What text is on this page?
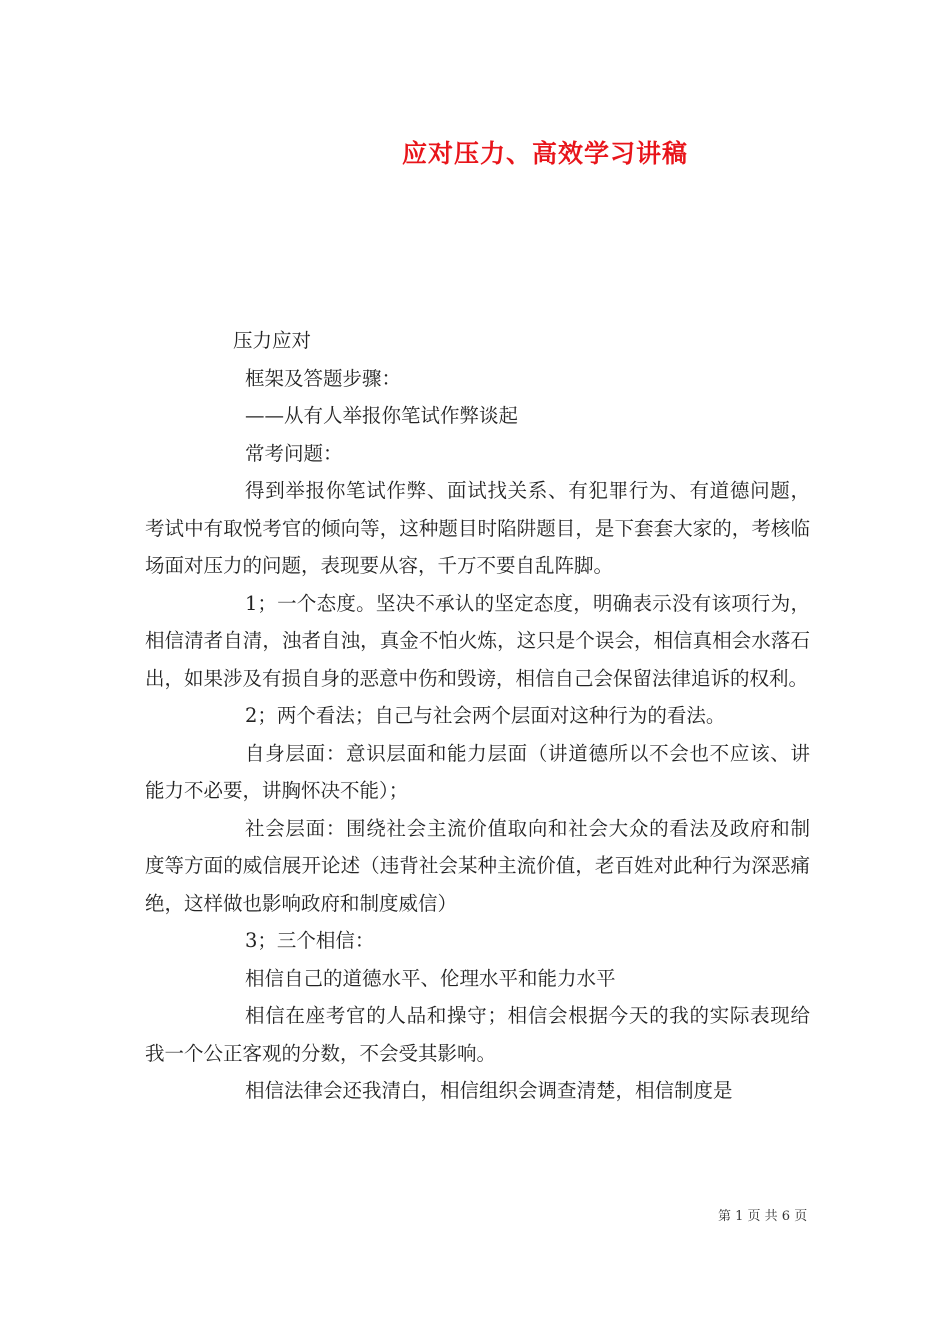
应对压力、高效学习讲稿

压力应对

框架及答题步骤：

——从有人举报你笔试作弊谈起

常考问题：

得到举报你笔试作弊、面试找关系、有犯罪行为、有道德问题，考试中有取悦考官的倾向等，这种题目时陷阱题目，是下套套大家的，考核临场面对压力的问题，表现要从容，千万不要自乱阵脚。

1；一个态度。坚决不承认的坚定态度，明确表示没有该项行为，相信清者自清，浊者自浊，真金不怕火炼，这只是个误会，相信真相会水落石出，如果涉及有损自身的恶意中伤和毁谤，相信自己会保留法律追诉的权利。

2；两个看法；自己与社会两个层面对这种行为的看法。

自身层面：意识层面和能力层面（讲道德所以不会也不应该、讲能力不必要，讲胸怀决不能）；

社会层面：围绕社会主流价值取向和社会大众的看法及政府和制度等方面的威信展开论述（违背社会某种主流价值，老百姓对此种行为深恶痛绝，这样做也影响政府和制度威信）

3；三个相信：

相信自己的道德水平、伦理水平和能力水平

相信在座考官的人品和操守；相信会根据今天的我的实际表现给我一个公正客观的分数，不会受其影响。

相信法律会还我清白，相信组织会调查清楚，相信制度是

第 1 页 共 6 页
